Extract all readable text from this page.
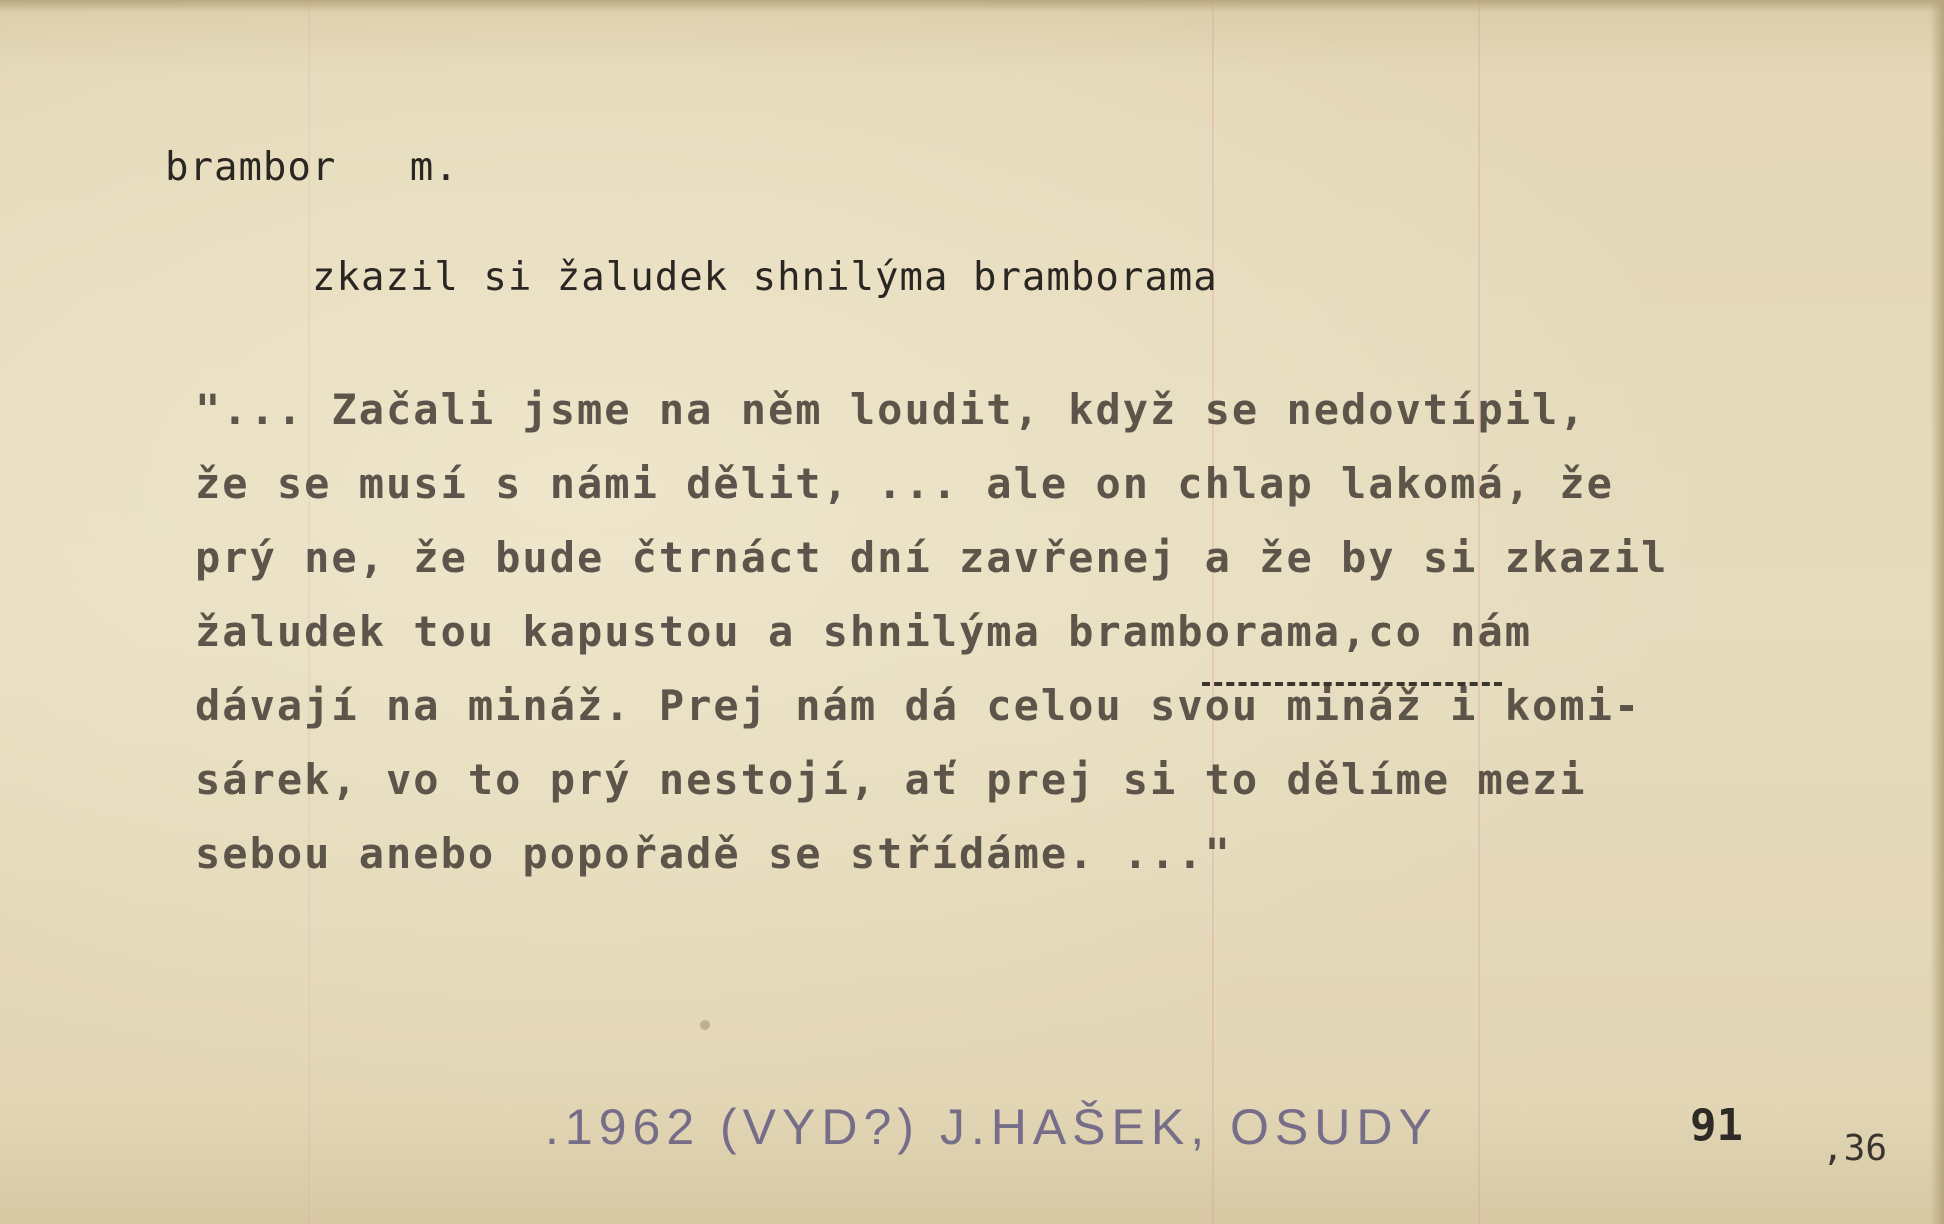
brambor   m.

zkazil si žaludek shnilýma bramborama

"... Začali jsme na něm loudit, když se nedovtípil,

že se musí s námi dělit, ... ale on chlap lakomá, že

prý ne, že bude čtrnáct dní zavřenej a že by si zkazil

žaludek tou kapustou a shnilýma bramborama,co nám

dávají na mináž. Prej nám dá celou svou mináž i komi-

sárek, vo to prý nestojí, ať prej si to dělíme mezi

sebou anebo popořadě se střídáme. ..."

.1962 (VYD?) J.HAŠEK, OSUDY	91 ,36
